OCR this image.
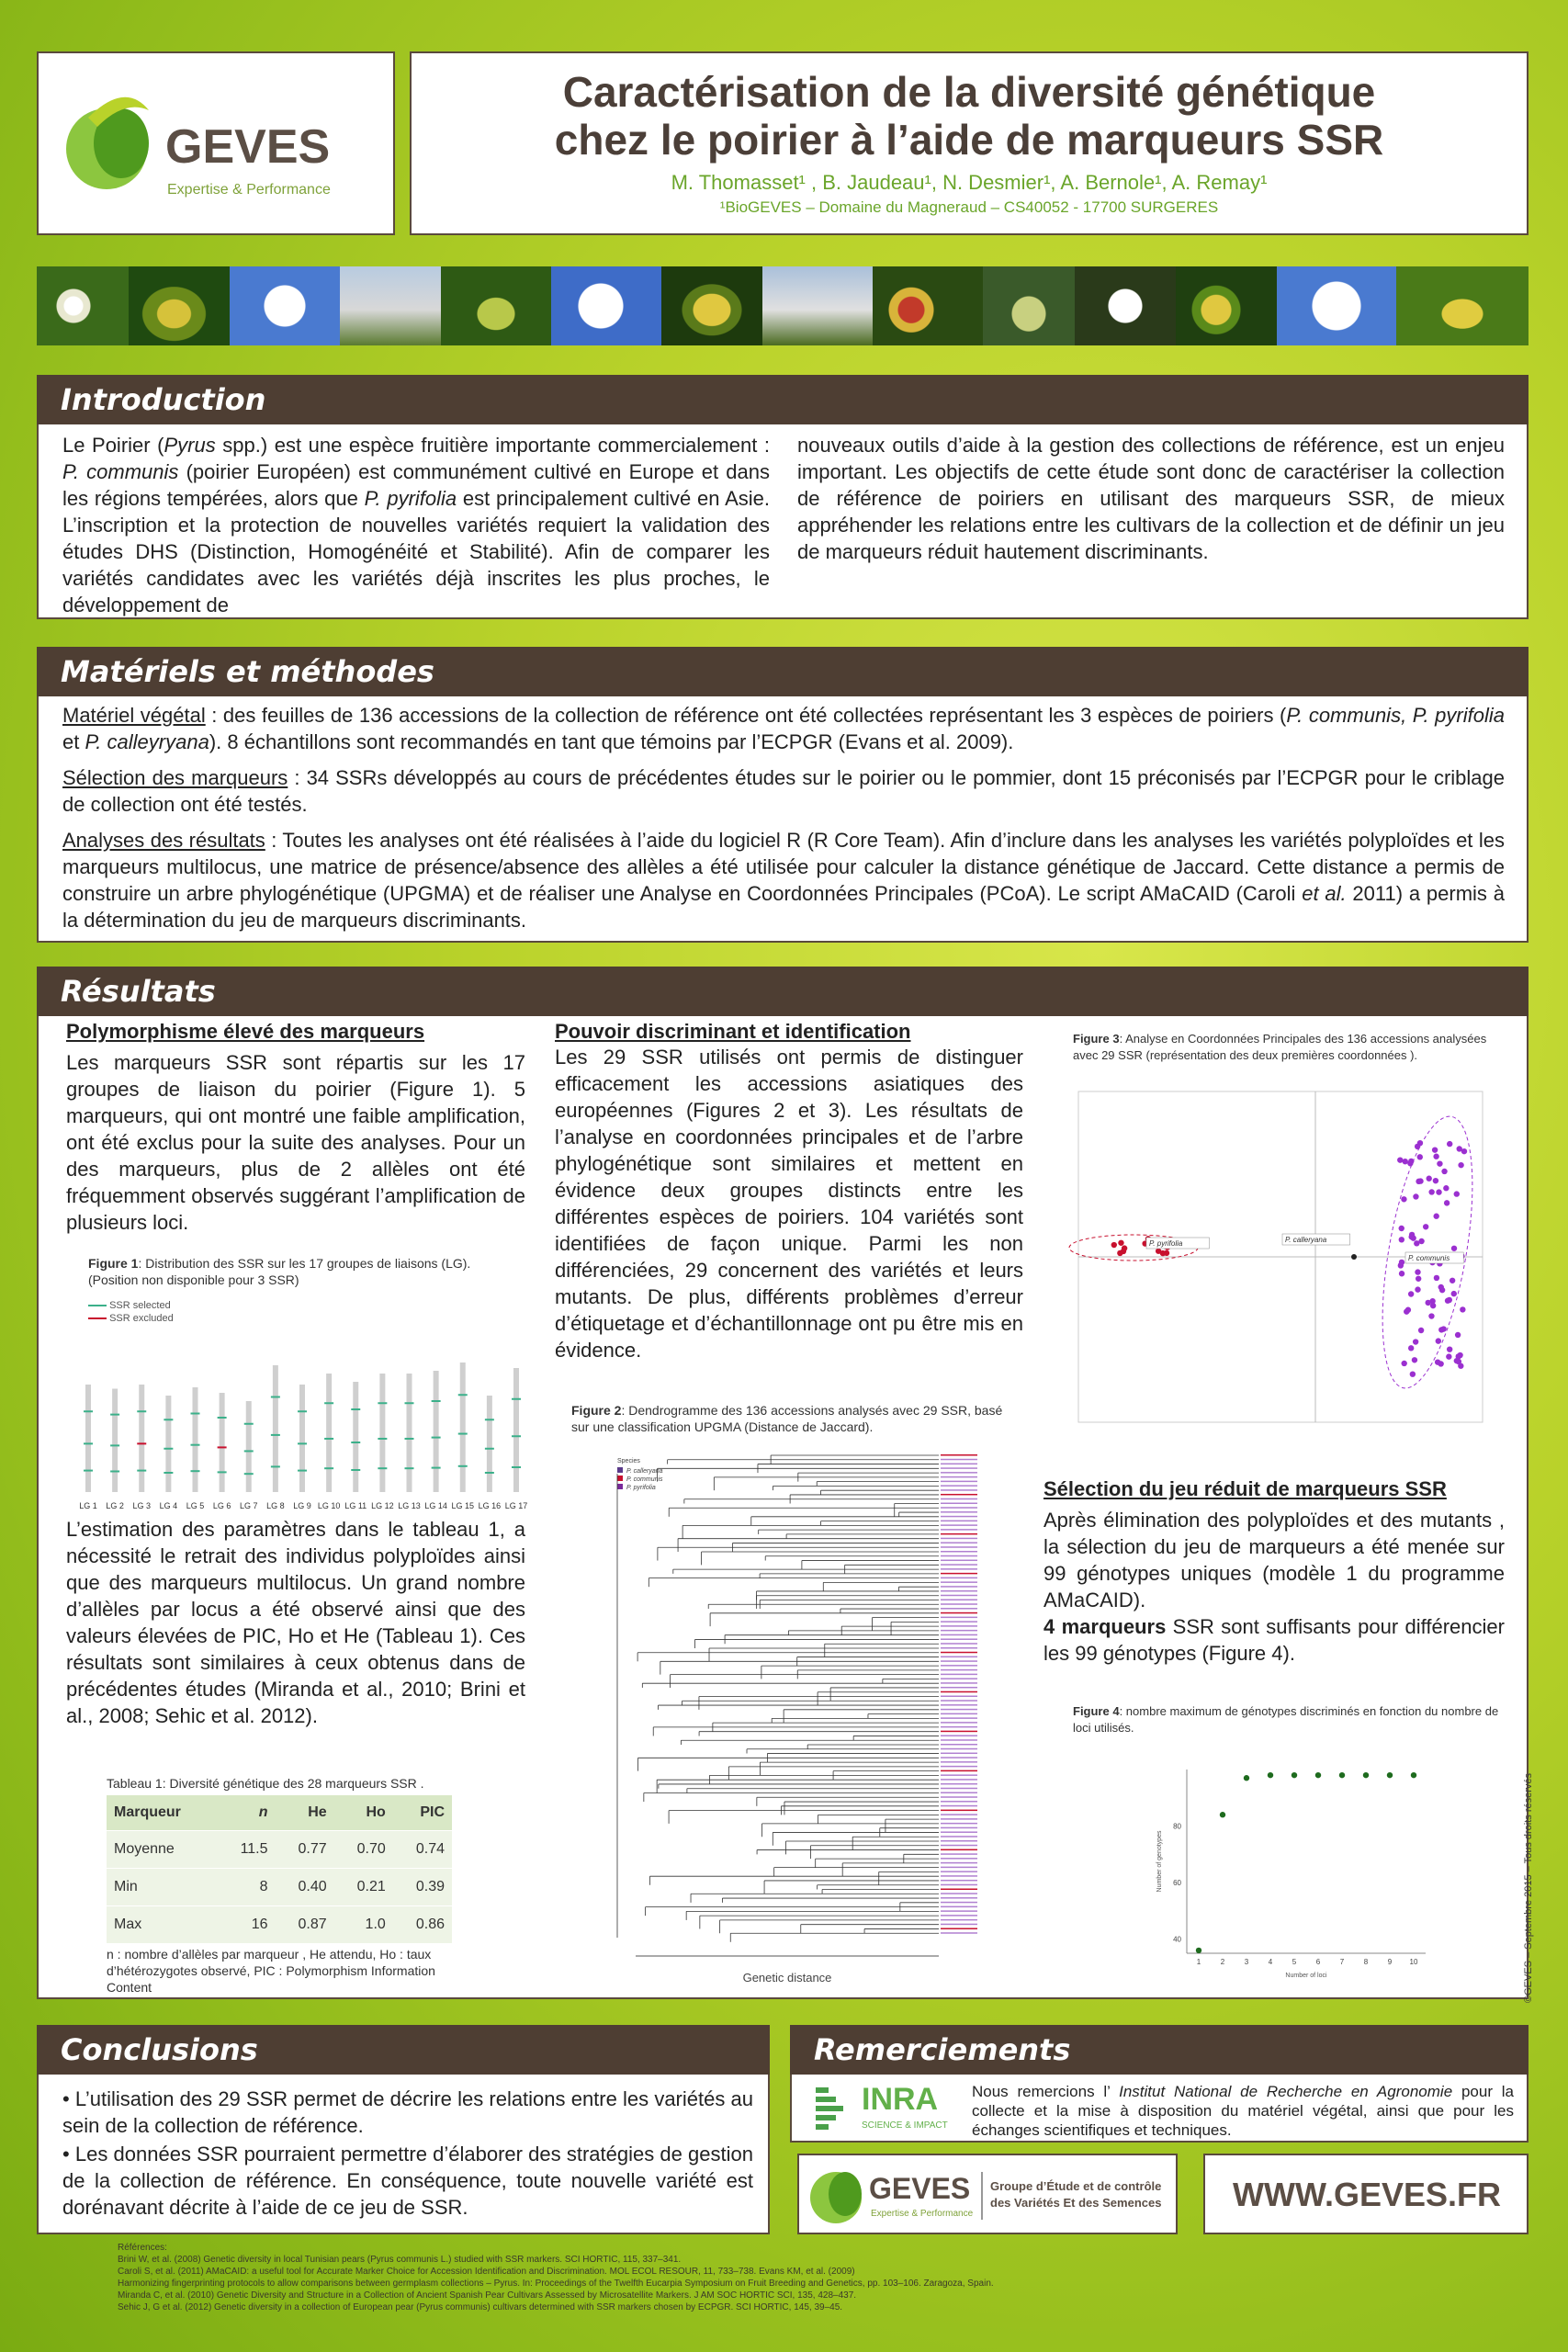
GEVES
Expertise & Performance
Caractérisation de la diversité génétique
chez le poirier à l’aide de marqueurs SSR
M. Thomasset¹ , B. Jaudeau¹, N. Desmier¹, A. Bernole¹, A. Remay¹
¹BioGEVES – Domaine du Magneraud – CS40052 - 17700 SURGERES
Introduction
Le Poirier (Pyrus spp.) est une espèce fruitière importante commercialement : P. communis (poirier Européen) est communément cultivé en Europe et dans les régions tempérées, alors que P. pyrifolia est principalement cultivé en Asie. L’inscription et la protection de nouvelles variétés requiert la validation des études DHS (Distinction, Homogénéité et Stabilité). Afin de comparer les variétés candidates avec les variétés déjà inscrites les plus proches, le développement de
nouveaux outils d’aide à la gestion des collections de référence, est un enjeu important. Les objectifs de cette étude sont donc de caractériser la collection de référence de poiriers en utilisant des marqueurs SSR, de mieux appréhender les relations entre les cultivars de la collection et de définir un jeu de marqueurs réduit hautement discriminants.
Matériels et méthodes
Matériel végétal : des feuilles de 136 accessions de la collection de référence ont été collectées représentant les 3 espèces de poiriers (P. communis, P. pyrifolia et P. calleyryana). 8 échantillons sont recommandés en tant que témoins par l’ECPGR (Evans et al. 2009).
Sélection des marqueurs : 34 SSRs développés au cours de précédentes études sur le poirier ou le pommier, dont 15 préconisés par l’ECPGR pour le criblage de collection ont été testés.
Analyses des résultats : Toutes les analyses ont été réalisées à l’aide du logiciel R (R Core Team). Afin d’inclure dans les analyses les variétés polyploïdes et les marqueurs multilocus, une matrice de présence/absence des allèles a été utilisée pour calculer la distance génétique de Jaccard. Cette distance a permis de construire un arbre phylogénétique (UPGMA) et de réaliser une Analyse en Coordonnées Principales (PCoA). Le script AMaCAID (Caroli et al. 2011) a permis à la détermination du jeu de marqueurs discriminants.
Résultats
Polymorphisme élevé des marqueurs
Les marqueurs SSR sont répartis sur les 17 groupes de liaison du poirier (Figure 1). 5 marqueurs, qui ont montré une faible amplification, ont été exclus pour la suite des analyses. Pour un des marqueurs, plus de 2 allèles ont été fréquemment observés suggérant l’amplification de plusieurs loci.
Figure 1: Distribution des SSR sur les 17 groupes de liaisons (LG).
(Position non disponible pour 3 SSR)
SSR selected
SSR excluded
LG 1 LG 2 LG 3 LG 4 LG 5 LG 6 LG 7 LG 8 LG 9 LG 10 LG 11 LG 12 LG 13 LG 14 LG 15 LG 16 LG 17
L’estimation des paramètres dans le tableau 1, a nécessité le retrait des individus polyploïdes ainsi que des marqueurs multilocus. Un grand nombre d’allèles par locus a été observé ainsi que des valeurs élevées de PIC, Ho et He (Tableau 1). Ces résultats sont similaires à ceux obtenus dans de précédentes études (Miranda et al., 2010; Brini et al., 2008; Sehic et al. 2012).
Tableau 1: Diversité génétique des 28 marqueurs SSR .
Marqueur	n	He	Ho	PIC
Moyenne	11.5	0.77	0.70	0.74
Min	8	0.40	0.21	0.39
Max	16	0.87	1.0	0.86
n : nombre d’allèles par marqueur , He attendu, Ho : taux d’hétérozygotes observé, PIC : Polymorphism Information Content
Pouvoir discriminant et identification
Les 29 SSR utilisés ont permis de distinguer efficacement les accessions asiatiques des européennes (Figures 2 et 3). Les résultats de l’analyse en coordonnées principales et de l’arbre phylogénétique sont similaires et mettent en évidence deux groupes distincts entre les différentes espèces de poiriers. 104 variétés sont identifiées de façon unique. Parmi les non différenciées, 29 concernent des variétés et leurs mutants. De plus, différents problèmes d’erreur d’étiquetage et d’échantillonnage ont pu être mis en évidence.
Figure 2: Dendrogramme des 136 accessions analysés avec 29 SSR, basé sur une classification UPGMA (Distance de Jaccard).
Species
P. calleryana
P. communis
P. pyrifolia
Genetic distance
Figure 3: Analyse en Coordonnées Principales des 136 accessions analysées avec 29 SSR (représentation des deux premières coordonnées ).
P. pyrifolia	P. calleryana
P. communis
Sélection du jeu réduit de marqueurs SSR
Après élimination des polyploïdes et des mutants , la sélection du jeu de marqueurs a été menée sur 99 génotypes uniques (modèle 1 du programme AMaCAID).
4 marqueurs SSR sont suffisants pour différencier les 99 génotypes (Figure 4).
Figure 4: nombre maximum de génotypes discriminés en fonction du nombre de loci utilisés.
1	2	3	4	5	6	7	8	9 10
40
60
80
Number of loci
Number of genotypes	©GEVES – Septembre 2015 – Tous droits réservés
Conclusions
• L’utilisation des 29 SSR permet de décrire les relations entre les variétés au sein de la collection de référence.
• Les données SSR pourraient permettre d’élaborer des stratégies de gestion de la collection de référence. En conséquence, toute nouvelle variété est dorénavant décrite à l’aide de ce jeu de SSR.
Remerciements
INRA
SCIENCE & IMPACT
Nous remercions l’ Institut National de Recherche en Agronomie pour la collecte et la mise à disposition du matériel végétal, ainsi que pour les échanges scientifiques et techniques.
GEVES
Expertise & Performance
Groupe d’Étude et de contrôle
des Variétés Et des Semences WWW.GEVES.FR
Références:
Brini W, et al. (2008) Genetic diversity in local Tunisian pears (Pyrus communis L.) studied with SSR markers. SCI HORTIC, 115, 337–341.
Caroli S, et al. (2011) AMaCAID: a useful tool for Accurate Marker Choice for Accession Identification and Discrimination. MOL ECOL RESOUR, 11, 733–738. Evans KM, et al. (2009)
Harmonizing fingerprinting protocols to allow comparisons between germplasm collections – Pyrus. In: Proceedings of the Twelfth Eucarpia Symposium on Fruit Breeding and Genetics, pp. 103–106. Zaragoza, Spain.
Miranda C, et al. (2010) Genetic Diversity and Structure in a Collection of Ancient Spanish Pear Cultivars Assessed by Microsatellite Markers. J AM SOC HORTIC SCI, 135, 428–437.
Sehic J, G et al. (2012) Genetic diversity in a collection of European pear (Pyrus communis) cultivars determined with SSR markers chosen by ECPGR. SCI HORTIC, 145, 39–45.
